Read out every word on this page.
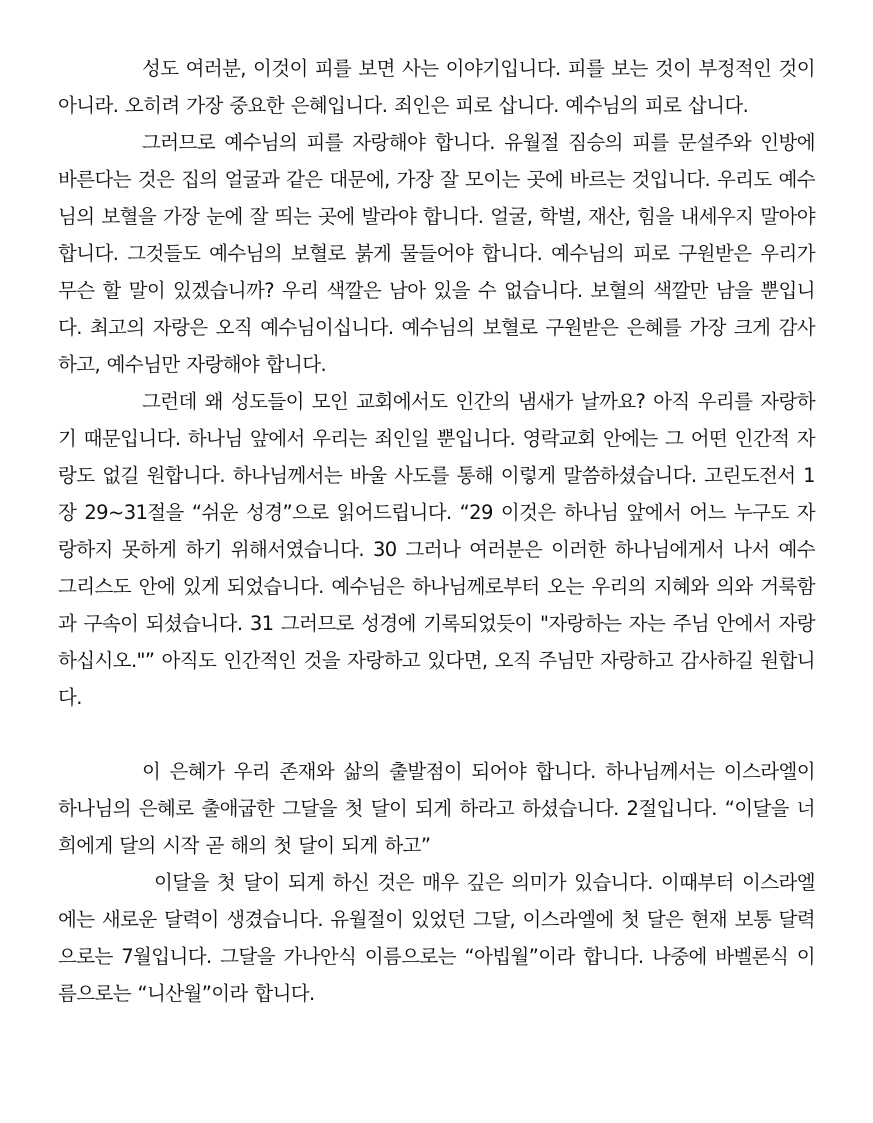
성도 여러분, 이것이 피를 보면 사는 이야기입니다. 피를 보는 것이 부정적인 것이 아니라. 오히려 가장 중요한 은혜입니다. 죄인은 피로 삽니다. 예수님의 피로 삽니다.

그러므로 예수님의 피를 자랑해야 합니다. 유월절 짐승의 피를 문설주와 인방에 바른다는 것은 집의 얼굴과 같은 대문에, 가장 잘 모이는 곳에 바르는 것입니다. 우리도 예수님의 보혈을 가장 눈에 잘 띄는 곳에 발라야 합니다. 얼굴, 학벌, 재산, 힘을 내세우지 말아야 합니다. 그것들도 예수님의 보혈로 붉게 물들어야 합니다. 예수님의 피로 구원받은 우리가 무슨 할 말이 있겠습니까? 우리 색깔은 남아 있을 수 없습니다. 보혈의 색깔만 남을 뿐입니다. 최고의 자랑은 오직 예수님이십니다. 예수님의 보혈로 구원받은 은혜를 가장 크게 감사하고, 예수님만 자랑해야 합니다.

그런데 왜 성도들이 모인 교회에서도 인간의 냄새가 날까요? 아직 우리를 자랑하기 때문입니다. 하나님 앞에서 우리는 죄인일 뿐입니다. 영락교회 안에는 그 어떤 인간적 자랑도 없길 원합니다. 하나님께서는 바울 사도를 통해 이렇게 말씀하셨습니다. 고린도전서 1장 29~31절을 “쉬운 성경”으로 읽어드립니다. “29 이것은 하나님 앞에서 어느 누구도 자랑하지 못하게 하기 위해서였습니다. 30 그러나 여러분은 이러한 하나님에게서 나서 예수 그리스도 안에 있게 되었습니다. 예수님은 하나님께로부터 오는 우리의 지혜와 의와 거룩함과 구속이 되셨습니다. 31 그러므로 성경에 기록되었듯이 "자랑하는 자는 주님 안에서 자랑하십시오."” 아직도 인간적인 것을 자랑하고 있다면, 오직 주님만 자랑하고 감사하길 원합니다.

이 은혜가 우리 존재와 삶의 출발점이 되어야 합니다. 하나님께서는 이스라엘이 하나님의 은혜로 출애굽한 그달을 첫 달이 되게 하라고 하셨습니다. 2절입니다. “이달을 너희에게 달의 시작 곧 해의 첫 달이 되게 하고”

이달을 첫 달이 되게 하신 것은 매우 깊은 의미가 있습니다. 이때부터 이스라엘에는 새로운 달력이 생겼습니다. 유월절이 있었던 그달, 이스라엘에 첫 달은 현재 보통 달력으로는 7월입니다. 그달을 가나안식 이름으로는 “아빕월”이라 합니다. 나중에 바벨론식 이름으로는 “니산월”이라 합니다.
